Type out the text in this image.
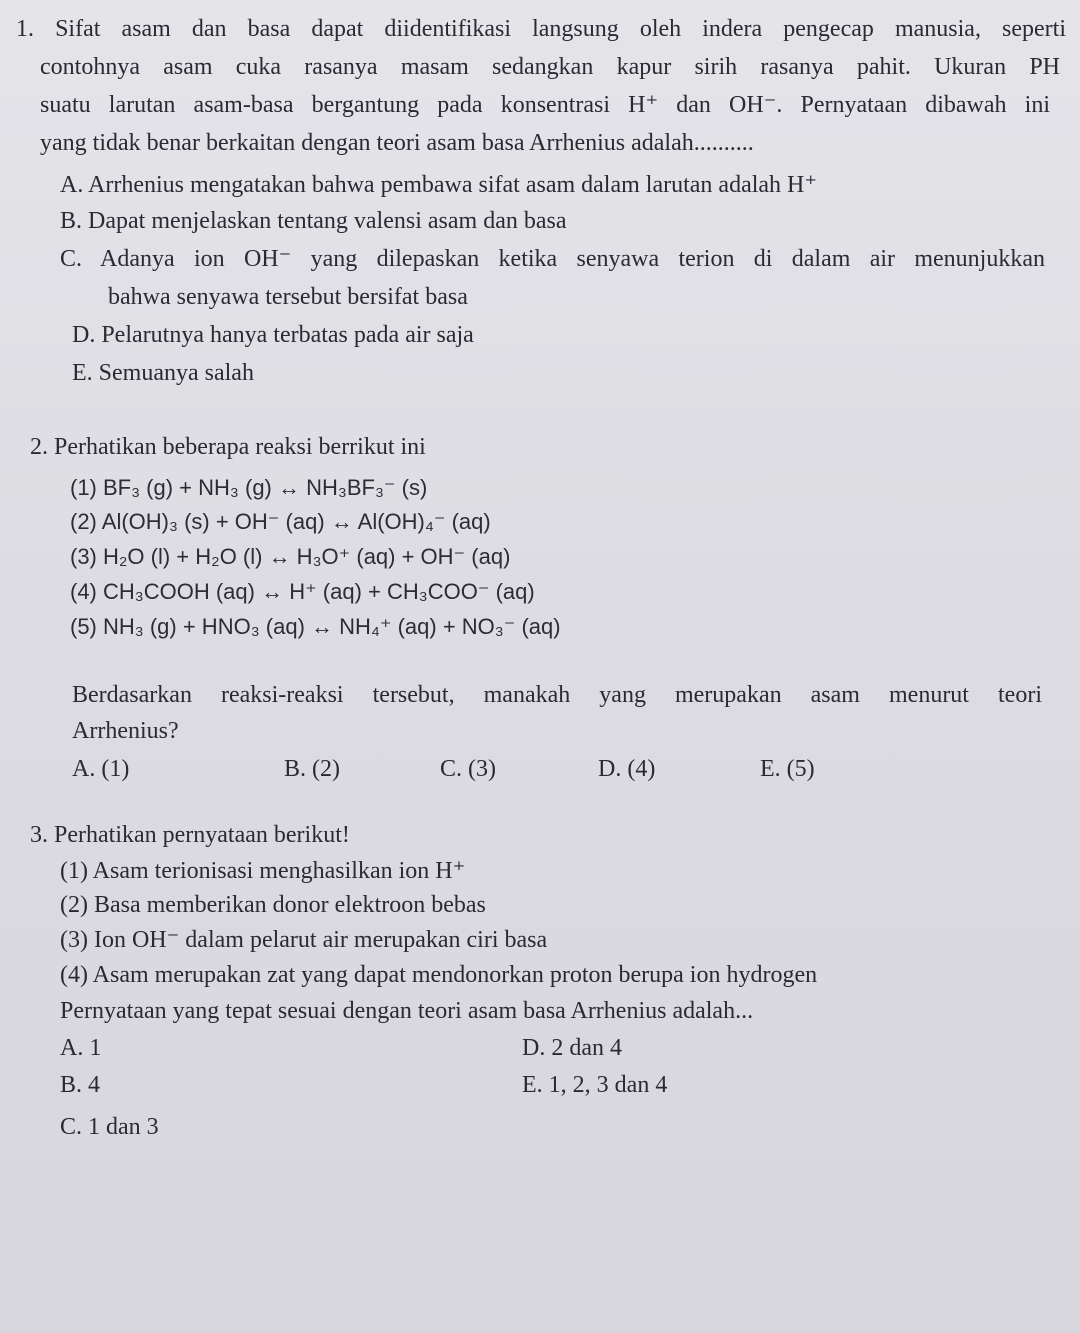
1. Sifat asam dan basa dapat diidentifikasi langsung oleh indera pengecap manusia, seperti
contohnya asam cuka rasanya masam sedangkan kapur sirih rasanya pahit. Ukuran PH
suatu larutan asam-basa bergantung pada konsentrasi H⁺ dan OH⁻. Pernyataan dibawah ini
yang tidak benar berkaitan dengan teori asam basa Arrhenius adalah..........
A. Arrhenius mengatakan bahwa pembawa sifat asam dalam larutan adalah H⁺
B. Dapat menjelaskan tentang valensi asam dan basa
C. Adanya ion OH⁻ yang dilepaskan ketika senyawa terion di dalam air menunjukkan
bahwa senyawa tersebut bersifat basa
D. Pelarutnya hanya terbatas pada air saja
E. Semuanya salah
2. Perhatikan beberapa reaksi berrikut ini
(1) BF₃ (g) + NH₃ (g) ↔ NH₃BF₃⁻ (s)
(2) Al(OH)₃ (s) + OH⁻ (aq) ↔ Al(OH)₄⁻ (aq)
(3) H₂O (l) + H₂O (l) ↔ H₃O⁺ (aq) + OH⁻ (aq)
(4) CH₃COOH (aq) ↔ H⁺ (aq) + CH₃COO⁻ (aq)
(5) NH₃ (g) + HNO₃ (aq) ↔ NH₄⁺ (aq) + NO₃⁻ (aq)
Berdasarkan reaksi-reaksi tersebut, manakah yang merupakan asam menurut teori
Arrhenius?
A. (1)	B. (2)	C. (3)	D. (4)	E. (5)
3. Perhatikan pernyataan berikut!
(1) Asam terionisasi menghasilkan ion H⁺
(2) Basa memberikan donor elektroon bebas
(3) Ion OH⁻ dalam pelarut air merupakan ciri basa
(4) Asam merupakan zat yang dapat mendonorkan proton berupa ion hydrogen
Pernyataan yang tepat sesuai dengan teori asam basa Arrhenius adalah...
A. 1
B. 4
C. 1 dan 3
D. 2 dan 4
E. 1, 2, 3 dan 4
